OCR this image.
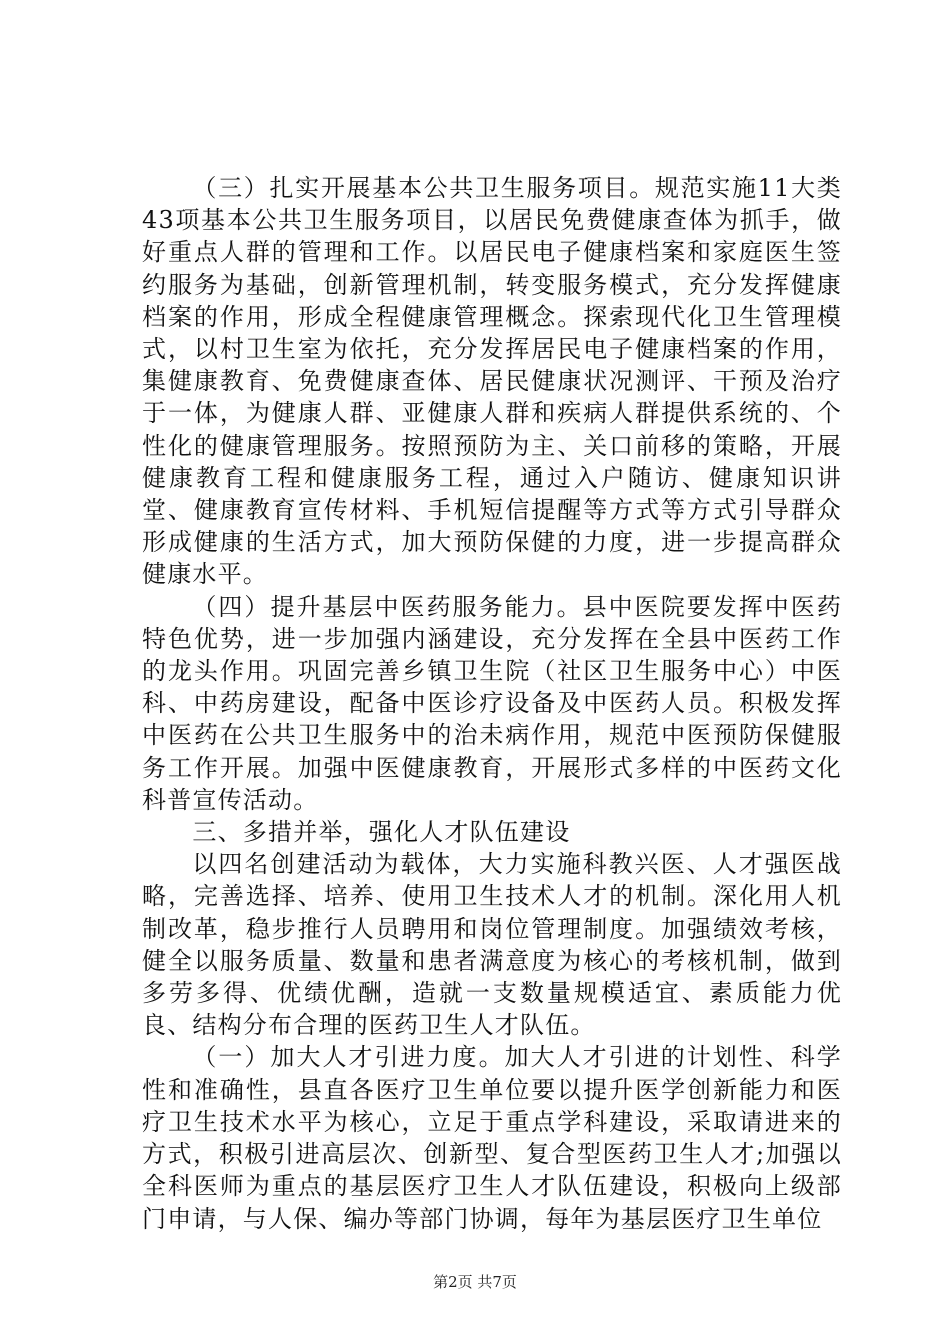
（三）扎实开展基本公共卫生服务项目。规范实施11大类43项基本公共卫生服务项目，以居民免费健康查体为抓手，做好重点人群的管理和工作。以居民电子健康档案和家庭医生签约服务为基础，创新管理机制，转变服务模式，充分发挥健康档案的作用，形成全程健康管理概念。探索现代化卫生管理模式，以村卫生室为依托，充分发挥居民电子健康档案的作用，集健康教育、免费健康查体、居民健康状况测评、干预及治疗于一体，为健康人群、亚健康人群和疾病人群提供系统的、个性化的健康管理服务。按照预防为主、关口前移的策略，开展健康教育工程和健康服务工程，通过入户随访、健康知识讲堂、健康教育宣传材料、手机短信提醒等方式等方式引导群众形成健康的生活方式，加大预防保健的力度，进一步提高群众健康水平。

（四）提升基层中医药服务能力。县中医院要发挥中医药特色优势，进一步加强内涵建设，充分发挥在全县中医药工作的龙头作用。巩固完善乡镇卫生院（社区卫生服务中心）中医科、中药房建设，配备中医诊疗设备及中医药人员。积极发挥中医药在公共卫生服务中的治未病作用，规范中医预防保健服务工作开展。加强中医健康教育，开展形式多样的中医药文化科普宣传活动。

三、多措并举，强化人才队伍建设

以四名创建活动为载体，大力实施科教兴医、人才强医战略，完善选择、培养、使用卫生技术人才的机制。深化用人机制改革，稳步推行人员聘用和岗位管理制度。加强绩效考核，健全以服务质量、数量和患者满意度为核心的考核机制，做到多劳多得、优绩优酬，造就一支数量规模适宜、素质能力优良、结构分布合理的医药卫生人才队伍。

（一）加大人才引进力度。加大人才引进的计划性、科学性和准确性，县直各医疗卫生单位要以提升医学创新能力和医疗卫生技术水平为核心，立足于重点学科建设，采取请进来的方式，积极引进高层次、创新型、复合型医药卫生人才;加强以全科医师为重点的基层医疗卫生人才队伍建设，积极向上级部门申请，与人保、编办等部门协调，每年为基层医疗卫生单位

第2页 共7页
